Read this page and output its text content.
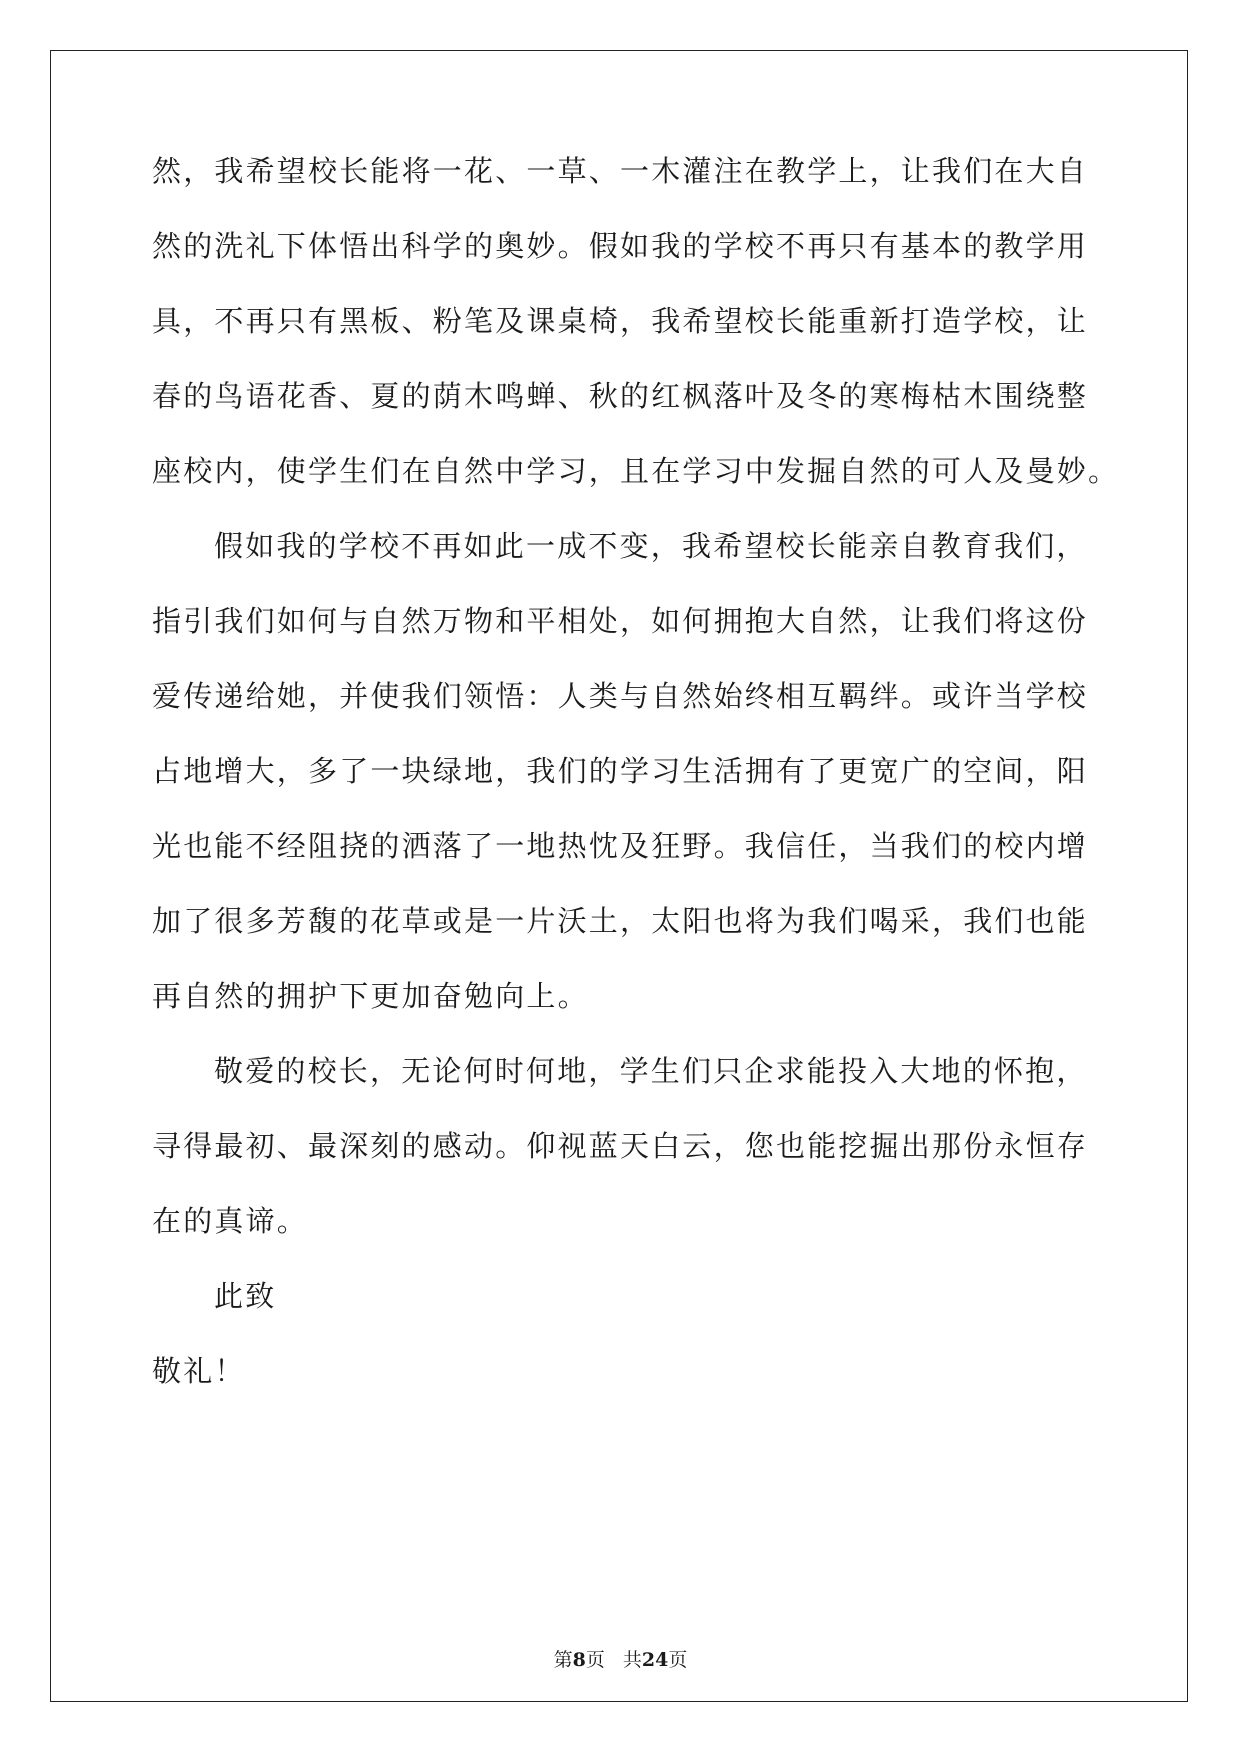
然，我希望校长能将一花、一草、一木灌注在教学上，让我们在大自
然的洗礼下体悟出科学的奥妙。假如我的学校不再只有基本的教学用
具，不再只有黑板、粉笔及课桌椅，我希望校长能重新打造学校，让
春的鸟语花香、夏的荫木鸣蝉、秋的红枫落叶及冬的寒梅枯木围绕整
座校内，使学生们在自然中学习，且在学习中发掘自然的可人及曼妙。
假如我的学校不再如此一成不变，我希望校长能亲自教育我们，
指引我们如何与自然万物和平相处，如何拥抱大自然，让我们将这份
爱传递给她，并使我们领悟：人类与自然始终相互羁绊。或许当学校
占地增大，多了一块绿地，我们的学习生活拥有了更宽广的空间，阳
光也能不经阻挠的洒落了一地热忱及狂野。我信任，当我们的校内增
加了很多芳馥的花草或是一片沃土，太阳也将为我们喝采，我们也能
再自然的拥护下更加奋勉向上。
敬爱的校长，无论何时何地，学生们只企求能投入大地的怀抱，
寻得最初、最深刻的感动。仰视蓝天白云，您也能挖掘出那份永恒存
在的真谛。
此致
敬礼！
第8页 共24页
